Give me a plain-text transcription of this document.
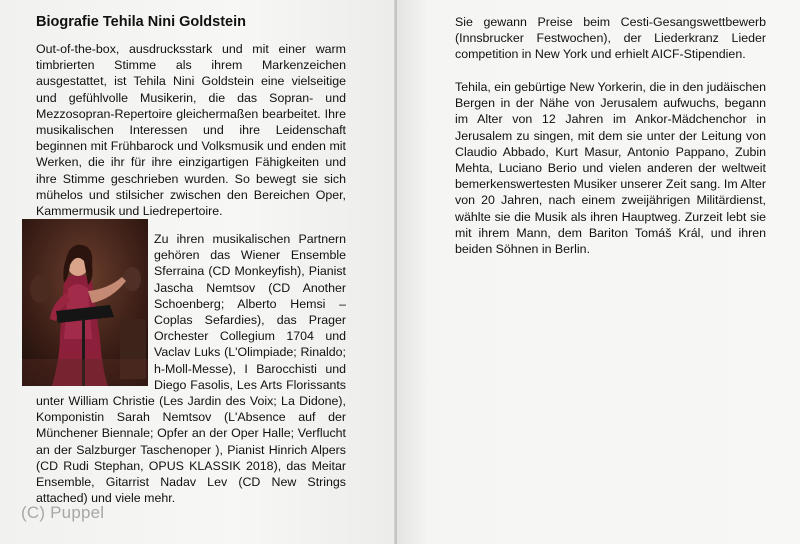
Biografie Tehila Nini Goldstein

Out-of-the-box, ausdrucksstark und mit einer warm timbrierten Stimme als ihrem Markenzeichen ausgestattet, ist Tehila Nini Goldstein eine vielseitige und gefühlvolle Musikerin, die das Sopran- und Mezzosopran-Repertoire gleichermaßen bearbeitet. Ihre musikalischen Interessen und ihre Leidenschaft beginnen mit Frühbarock und Volksmusik und enden mit Werken, die ihr für ihre einzigartigen Fähigkeiten und ihre Stimme geschrieben wurden. So bewegt sie sich mühelos und stilsicher zwischen den Bereichen Oper, Kammermusik und Liedrepertoire.

Zu ihren musikalischen Partnern gehören das Wiener Ensemble Sferraina (CD Monkeyfish), Pianist Jascha Nemtsov (CD Another Schoenberg; Alberto Hemsi – Coplas Sefardies), das Prager Orchester Collegium 1704 und Vaclav Luks (L'Olimpiade; Rinaldo; h-Moll-Messe), I Barocchisti und Diego Fasolis, Les Arts Florissants unter William Christie (Les Jardin des Voix; La Didone), Komponistin Sarah Nemtsov (L'Absence auf der Münchener Biennale; Opfer an der Oper Halle; Verflucht an der Salzburger Taschenoper ), Pianist Hinrich Alpers (CD Rudi Stephan, OPUS KLASSIK 2018), das Meitar Ensemble, Gitarrist Nadav Lev (CD New Strings attached) und viele mehr.

Sie gewann Preise beim Cesti-Gesangswettbewerb (Innsbrucker Festwochen), der Liederkranz Lieder competition in New York und erhielt AICF-Stipendien.

Tehila, ein gebürtige New Yorkerin, die in den judäischen Bergen in der Nähe von Jerusalem aufwuchs, begann im Alter von 12 Jahren im Ankor-Mädchenchor in Jerusalem zu singen, mit dem sie unter der Leitung von Claudio Abbado, Kurt Masur, Antonio Pappano, Zubin Mehta, Luciano Berio und vielen anderen der weltweit bemerkenswertesten Musiker unserer Zeit sang. Im Alter von 20 Jahren, nach einem zweijährigen Militärdienst, wählte sie die Musik als ihren Hauptweg. Zurzeit lebt sie mit ihrem Mann, dem Bariton Tomáš Král, und ihren beiden Söhnen in Berlin.

(C) Puppel
